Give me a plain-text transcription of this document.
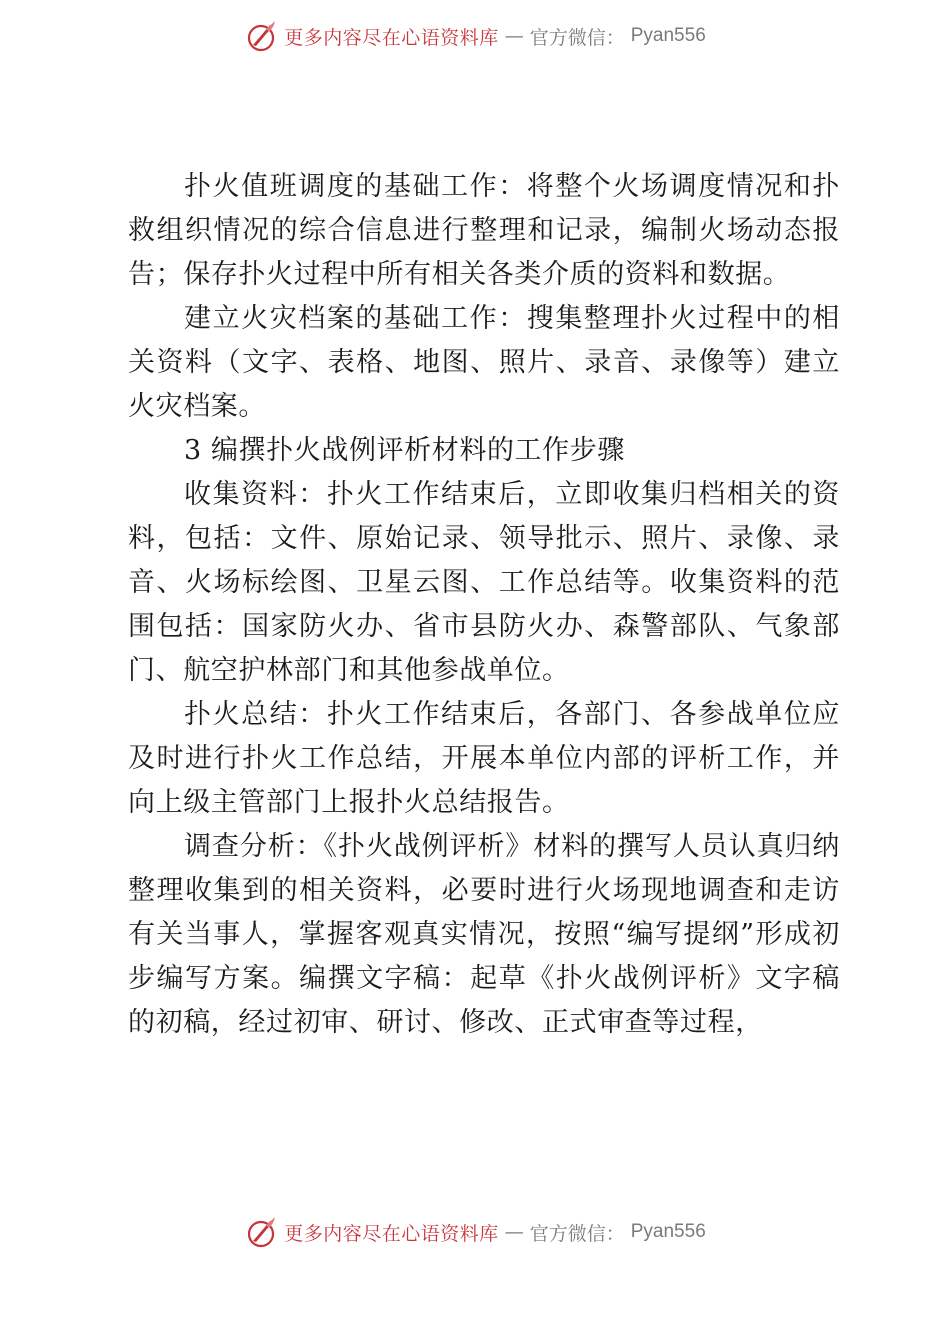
更多内容尽在心语资料库 — 官方微信： Pyan556

扑火值班调度的基础工作：将整个火场调度情况和扑救组织情况的综合信息进行整理和记录，编制火场动态报告；保存扑火过程中所有相关各类介质的资料和数据。

建立火灾档案的基础工作：搜集整理扑火过程中的相关资料（文字、表格、地图、照片、录音、录像等）建立火灾档案。

3 编撰扑火战例评析材料的工作步骤

收集资料：扑火工作结束后，立即收集归档相关的资料，包括：文件、原始记录、领导批示、照片、录像、录音、火场标绘图、卫星云图、工作总结等。收集资料的范围包括：国家防火办、省市县防火办、森警部队、气象部门、航空护林部门和其他参战单位。

扑火总结：扑火工作结束后，各部门、各参战单位应及时进行扑火工作总结，开展本单位内部的评析工作，并向上级主管部门上报扑火总结报告。

调查分析：《扑火战例评析》材料的撰写人员认真归纳整理收集到的相关资料，必要时进行火场现地调查和走访有关当事人，掌握客观真实情况，按照“编写提纲”形成初步编写方案。编撰文字稿：起草《扑火战例评析》文字稿的初稿，经过初审、研讨、修改、正式审查等过程，

更多内容尽在心语资料库 — 官方微信： Pyan556
